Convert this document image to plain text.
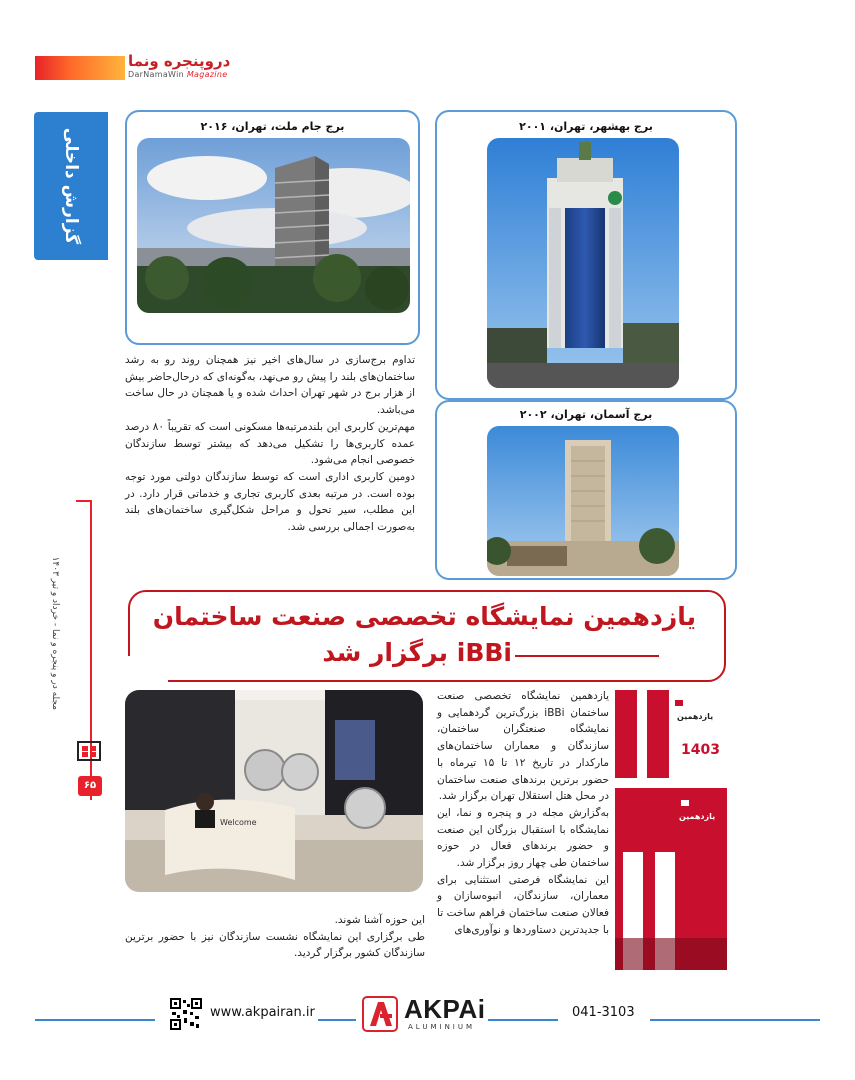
دروپنجره ونما
DarNamaWin Magazine
گزارش داخلی
مجله در و پنجره و نما - خرداد و تیر ۱۴۰۳
۶۵
برج بهشهر، تهران، ۲۰۰۱
برج جام ملت، تهران، ۲۰۱۶
برج آسمان، تهران، ۲۰۰۲

تداوم برج‌سازی در سال‌های اخیر نیز همچنان روند رو به رشد ساختمان‌های بلند را پیش رو می‌نهد، به‌گونه‌ای که درحال‌حاضر بیش از هزار برج در شهر تهران احداث شده و یا همچنان در حال ساخت می‌باشد.

مهم‌ترین کاربری این بلندمرتبه‌ها مسکونی است که تقریباً ۸۰ درصد عمده کاربری‌ها را تشکیل می‌دهد که بیشتر توسط سازندگان خصوصی انجام می‌شود.

دومین کاربری اداری است که توسط سازندگان دولتی مورد توجه بوده است. در مرتبه بعدی کاربری تجاری و خدماتی قرار دارد. در این مطلب، سیر تحول و مراحل شکل‌گیری ساختمان‌های بلند به‌صورت اجمالی بررسی شد.

یازدهمین نمایشگاه تخصصی صنعت ساختمان
iBBi برگزار شد
Welcome

یازدهمین نمایشگاه تخصصی صنعت ساختمان iBBi بزرگ‌ترین گردهمایی و نمایشگاه صنعتگران ساختمان، سازندگان و معماران ساختمان‌های ماركدار در تاریخ ۱۲ تا ۱۵ تیرماه با حضور برترین برندهای صنعت ساختمان در محل هتل استقلال تهران برگزار شد.

به‌گزارش مجله در و پنجره و نما، این نمایشگاه با استقبال بزرگان این صنعت و حضور برندهای فعال در حوزه ساختمان طی چهار روز برگزار شد.

این نمایشگاه فرصتی استثنایی برای معماران، سازندگان، انبوه‌سازان و فعالان صنعت ساختمان فراهم ساخت تا با جدیدترین دستاوردها و نوآوری‌های

این حوزه آشنا شوند.

طی برگزاری این نمایشگاه نشست سازندگان نیز با حضور برترین سازندگان کشور برگزار گردید.

یازدهمین
1403
یازدهمین
www.akpairan.ir	AKPAi
ALUMINIUM
041-3103
